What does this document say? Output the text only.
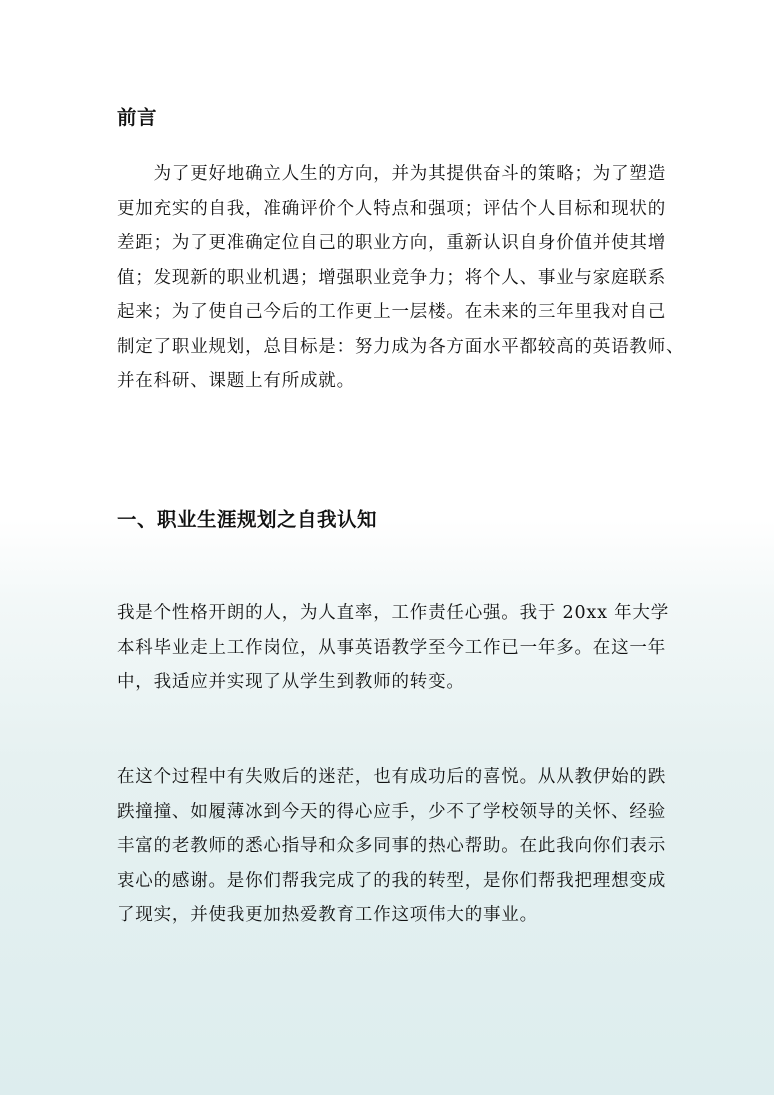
前言
　　为了更好地确立人生的方向，并为其提供奋斗的策略；为了塑造
更加充实的自我，准确评价个人特点和强项；评估个人目标和现状的
差距；为了更准确定位自己的职业方向，重新认识自身价值并使其增
值；发现新的职业机遇；增强职业竞争力；将个人、事业与家庭联系
起来；为了使自己今后的工作更上一层楼。在未来的三年里我对自己
制定了职业规划，总目标是：努力成为各方面水平都较高的英语教师、
并在科研、课题上有所成就。
一、职业生涯规划之自我认知
我是个性格开朗的人，为人直率，工作责任心强。我于 20xx 年大学
本科毕业走上工作岗位，从事英语教学至今工作已一年多。在这一年
中，我适应并实现了从学生到教师的转变。
在这个过程中有失败后的迷茫，也有成功后的喜悦。从从教伊始的跌
跌撞撞、如履薄冰到今天的得心应手，少不了学校领导的关怀、经验
丰富的老教师的悉心指导和众多同事的热心帮助。在此我向你们表示
衷心的感谢。是你们帮我完成了的我的转型，是你们帮我把理想变成
了现实，并使我更加热爱教育工作这项伟大的事业。
